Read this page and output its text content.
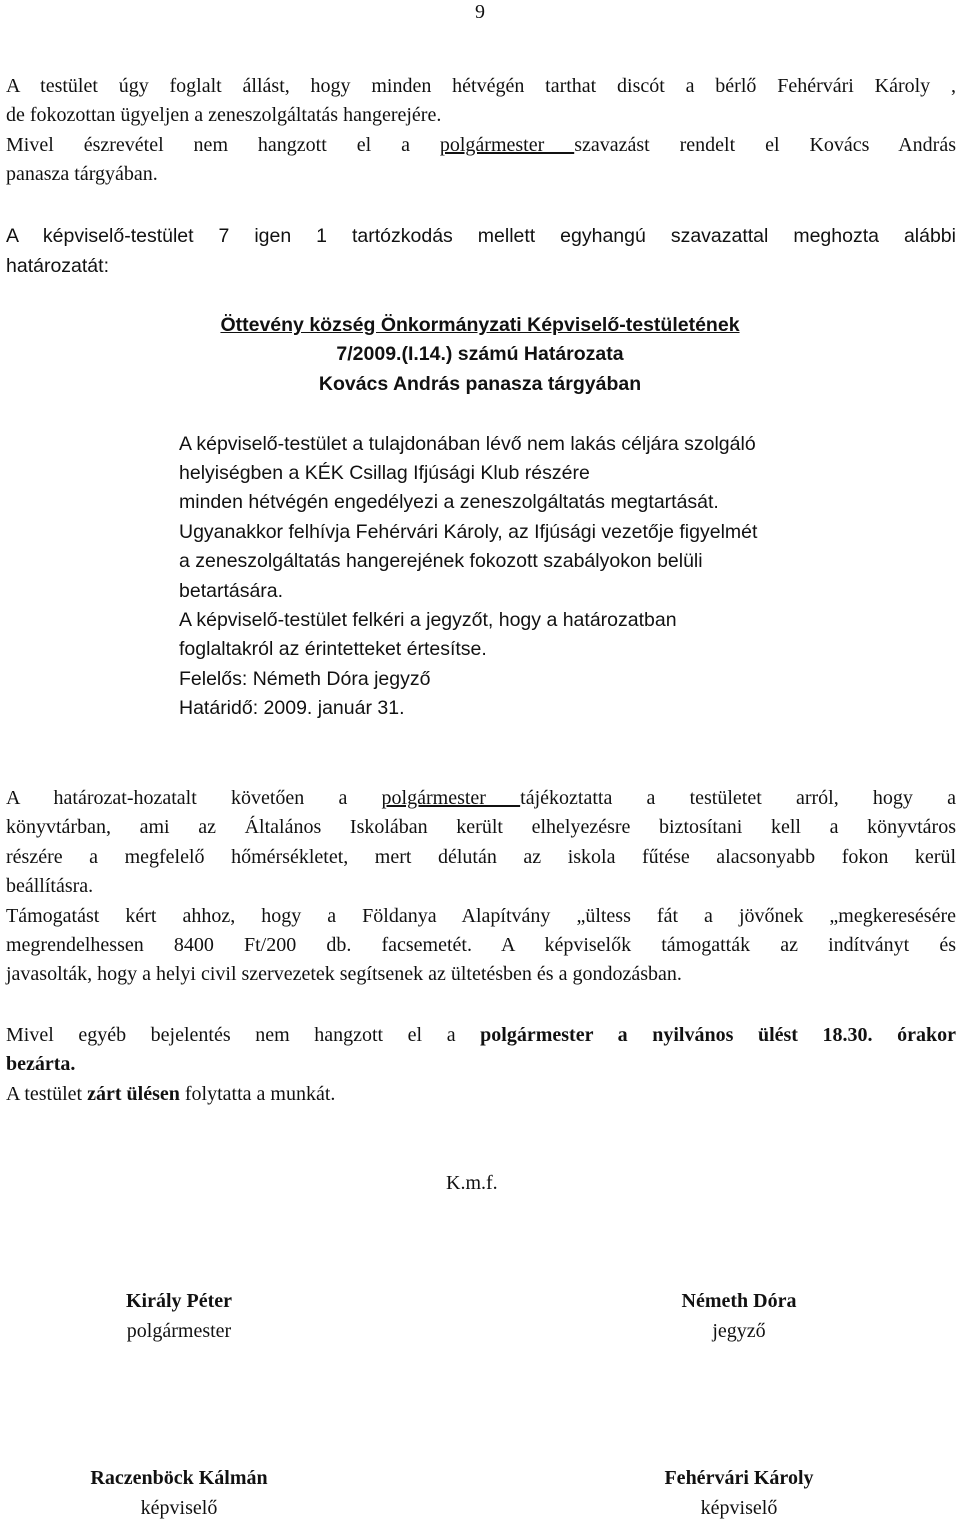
9
A testület úgy foglalt állást, hogy minden hétvégén tarthat discót a bérlő Fehérvári Károly ,
de fokozottan ügyeljen a zeneszolgáltatás hangerejére.
Mivel észrevétel nem hangzott el a polgármester szavazást rendelt el Kovács András
panasza tárgyában.
A képviselő-testület 7 igen 1 tartózkodás mellett egyhangú szavazattal meghozta alábbi
határozatát:
Öttevény község Önkormányzati Képviselő-testületének
7/2009.(I.14.) számú Határozata
Kovács András panasza tárgyában
A képviselő-testület a tulajdonában lévő nem lakás céljára szolgáló
helyiségben a KÉK Csillag Ifjúsági Klub részére
minden hétvégén engedélyezi a zeneszolgáltatás megtartását.
Ugyanakkor felhívja Fehérvári Károly, az Ifjúsági vezetője figyelmét
a zeneszolgáltatás hangerejének fokozott szabályokon belüli
betartására.
A képviselő-testület felkéri a jegyzőt, hogy a határozatban
foglaltakról az érintetteket értesítse.
Felelős: Németh Dóra jegyző
Határidő: 2009. január 31.
A határozat-hozatalt követően a polgármester tájékoztatta a testületet arról, hogy a
könyvtárban, ami az Általános Iskolában került elhelyezésre biztosítani kell a könyvtáros
részére a megfelelő hőmérsékletet, mert délután az iskola fűtése alacsonyabb fokon kerül
beállításra.
Támogatást kért ahhoz, hogy a Földanya Alapítvány „ültess fát a jövőnek „megkeresésére
megrendelhessen 8400 Ft/200 db. facsemetét. A képviselők támogatták az indítványt és
javasolták, hogy a helyi civil szervezetek segítsenek az ültetésben és a gondozásban.
Mivel egyéb bejelentés nem hangzott el a polgármester a nyilvános ülést 18.30. órakor
bezárta.
A testület zárt ülésen folytatta a munkát.
K.m.f.
Király Péter
polgármester
Németh Dóra
jegyző
Raczenböck Kálmán
képviselő
Fehérvári Károly
képviselő
